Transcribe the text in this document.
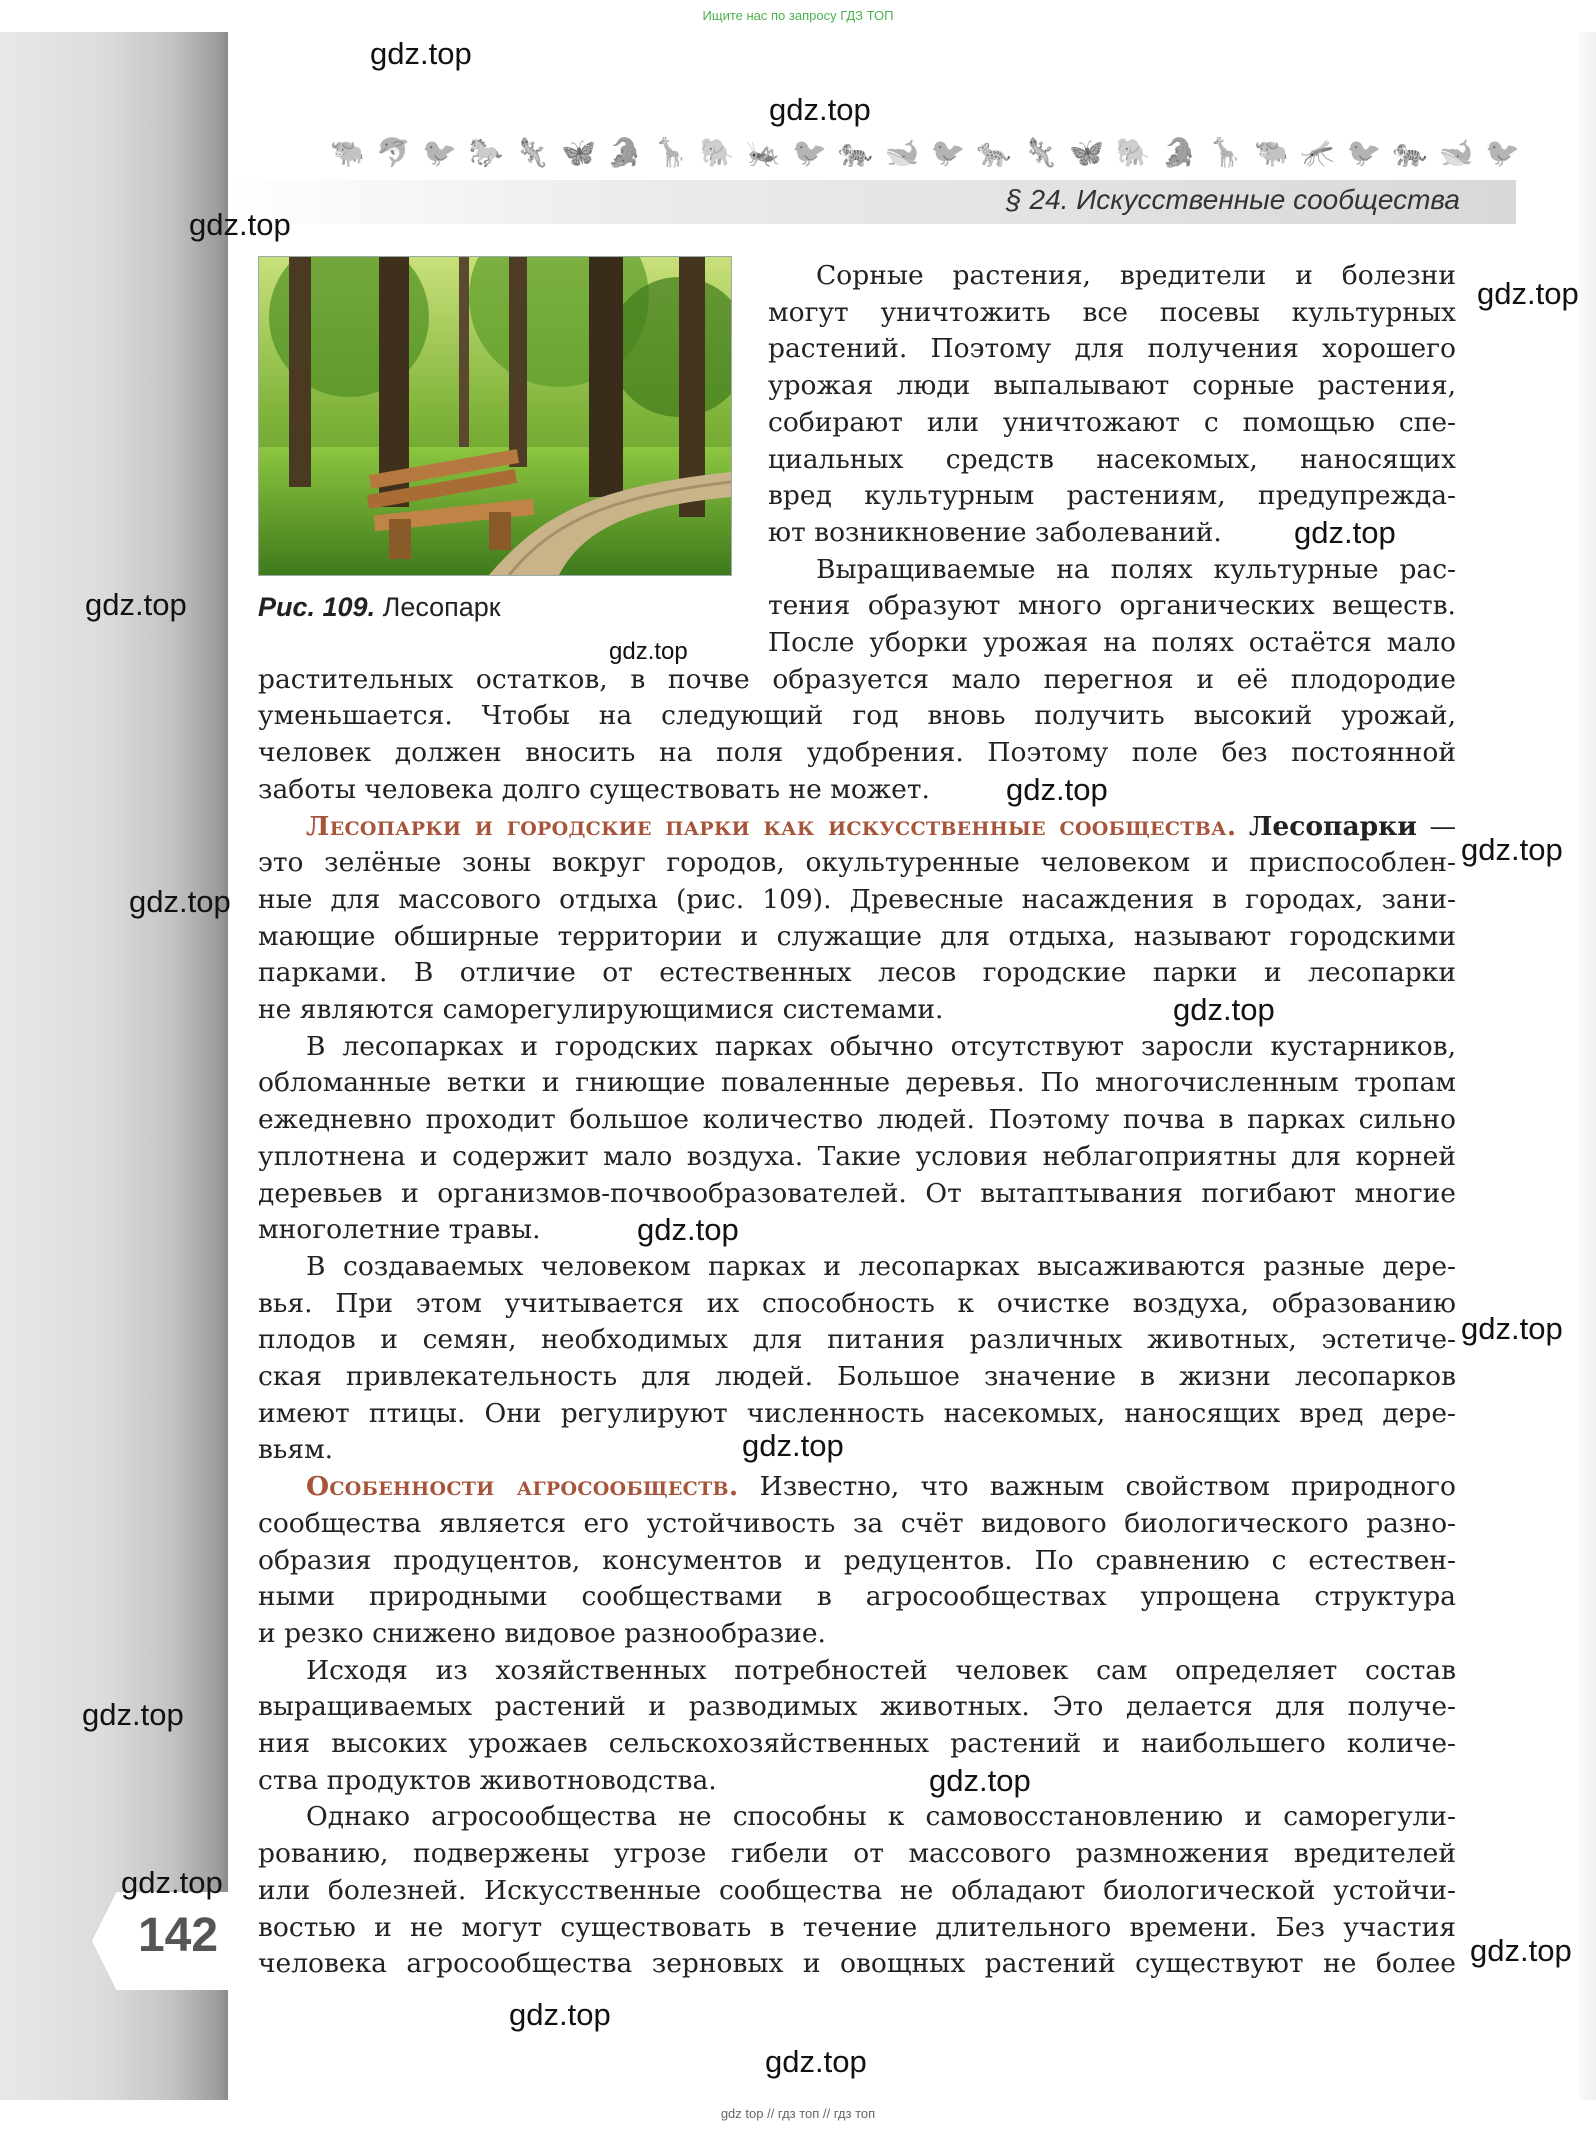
Ищите нас по запросу ГДЗ ТОП
🐃 🐬 🐦 🐎 🦎 🦋 🐊 🦒 🐘 🦗 🐦 🐅 🐋 🐦 🐆 🦎 🦋 🐘 🐊 🦒 🐃 🦟 🐦 🐅 🐋 🐦
§ 24. Искусственные сообщества
Рис. 109. Лесопарк
Сорные растения, вредители и болезни
могут уничтожить все посевы культурных
растений. Поэтому для получения хорошего
урожая люди выпалывают сорные растения,
собирают или уничтожают с помощью спе-
циальных средств насекомых, наносящих
вред культурным растениям, предупрежда-
ют возникновение заболеваний.
Выращиваемые на полях культурные рас-
тения образуют много органических веществ.
После уборки урожая на полях остаётся мало
растительных остатков, в почве образуется мало перегноя и её плодородие
уменьшается. Чтобы на следующий год вновь получить высокий урожай,
человек должен вносить на поля удобрения. Поэтому поле без постоянной
заботы человека долго существовать не может.
Лесопарки и городские парки как искусственные сообщества. Лесопарки —
это зелёные зоны вокруг городов, окультуренные человеком и приспособлен-
ные для массового отдыха (рис. 109). Древесные насаждения в городах, зани-
мающие обширные территории и служащие для отдыха, называют городскими
парками. В отличие от естественных лесов городские парки и лесопарки
не являются саморегулирующимися системами.
В лесопарках и городских парках обычно отсутствуют заросли кустарников,
обломанные ветки и гниющие поваленные деревья. По многочисленным тропам
ежедневно проходит большое количество людей. Поэтому почва в парках сильно
уплотнена и содержит мало воздуха. Такие условия неблагоприятны для корней
деревьев и организмов-почвообразователей. От вытаптывания погибают многие
многолетние травы.
В создаваемых человеком парках и лесопарках высаживаются разные дере-
вья. При этом учитывается их способность к очистке воздуха, образованию
плодов и семян, необходимых для питания различных животных, эстетиче-
ская привлекательность для людей. Большое значение в жизни лесопарков
имеют птицы. Они регулируют численность насекомых, наносящих вред дере-
вьям.
Особенности агросообществ. Известно, что важным свойством природного
сообщества является его устойчивость за счёт видового биологического разно-
образия продуцентов, консументов и редуцентов. По сравнению с естествен-
ными природными сообществами в агросообществах упрощена структура
и резко снижено видовое разнообразие.
Исходя из хозяйственных потребностей человек сам определяет состав
выращиваемых растений и разводимых животных. Это делается для получе-
ния высоких урожаев сельскохозяйственных растений и наибольшего количе-
ства продуктов животноводства.
Однако агросообщества не способны к самовосстановлению и саморегули-
рованию, подвержены угрозе гибели от массового размножения вредителей
или болезней. Искусственные сообщества не обладают биологической устойчи-
востью и не могут существовать в течение длительного времени. Без участия
человека агросообщества зерновых и овощных растений существуют не более
142
gdz.top
gdz.top
gdz.top
gdz.top
gdz.top
gdz.top
gdz.top
gdz.top
gdz.top
gdz.top
gdz.top
gdz.top
gdz.top
gdz.top
gdz.top
gdz.top
gdz.top
gdz.top
gdz.top
gdz.top
gdz top // гдз топ // гдз топ
